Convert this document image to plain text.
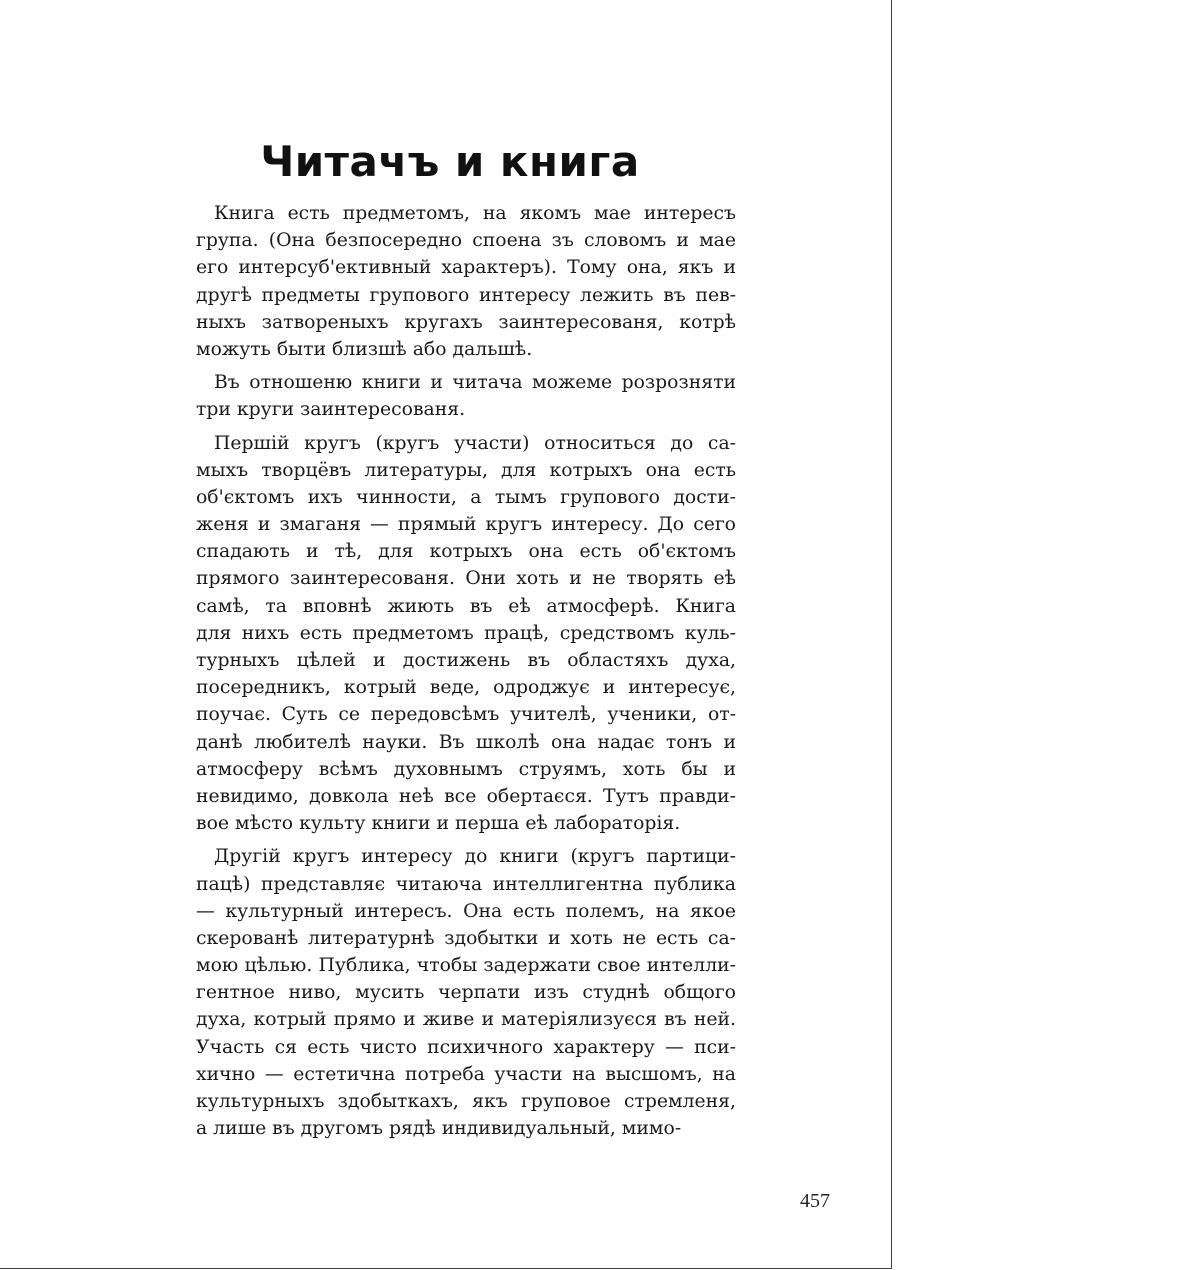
Читачъ и книга
Книга есть предметомъ, на якомъ мае интересъ
група. (Она безпосередно споена зъ словомъ и мае
его интерсуб'ективный характеръ). Тому она, якъ и
другѣ предметы групового интересу лежить въ пев-
ныхъ затвореныхъ кругахъ заинтересованя, котрѣ
можуть быти близшѣ або дальшѣ.
Въ отношеню книги и читача можеме розрозняти
три круги заинтересованя.
Першій кругъ (кругъ участи) относиться до са-
мыхъ творцёвъ литературы, для котрыхъ она есть
об'єктомъ ихъ чинности, а тымъ групового дости-
женя и змаганя — прямый кругъ интересу. До сего
спадають и тѣ, для котрыхъ она есть об'єктомъ
прямого заинтересованя. Они хоть и не творять еѣ
самѣ, та вповнѣ жиють въ еѣ атмосферѣ. Книга
для нихъ есть предметомъ працѣ, средствомъ куль-
турныхъ цѣлей и достижень въ областяхъ духа,
посередникъ, котрый веде, одроджує и интересує,
поучає. Суть се передовсѣмъ учителѣ, ученики, от-
данѣ любителѣ науки. Въ школѣ она надає тонъ и
атмосферу всѣмъ духовнымъ струямъ, хоть бы и
невидимо, довкола неѣ все обертаєся. Тутъ правди-
вое мѣсто культу книги и перша еѣ лабораторія.
Другій кругъ интересу до книги (кругъ партици-
пацѣ) представляє читаюча интеллигентна публика
— культурный интересъ. Она есть полемъ, на якое
скерованѣ литературнѣ здобытки и хоть не есть са-
мою цѣлью. Публика, чтобы задержати свое интелли-
гентное ниво, мусить черпати изъ студнѣ общого
духа, котрый прямо и живе и матеріялизуєся въ ней.
Участь ся есть чисто психичного характеру — пси-
хично — естетична потреба участи на высшомъ, на
культурныхъ здобыткахъ, якъ груповое стремленя,
а лише въ другомъ рядѣ индивидуальный, мимо-
457
